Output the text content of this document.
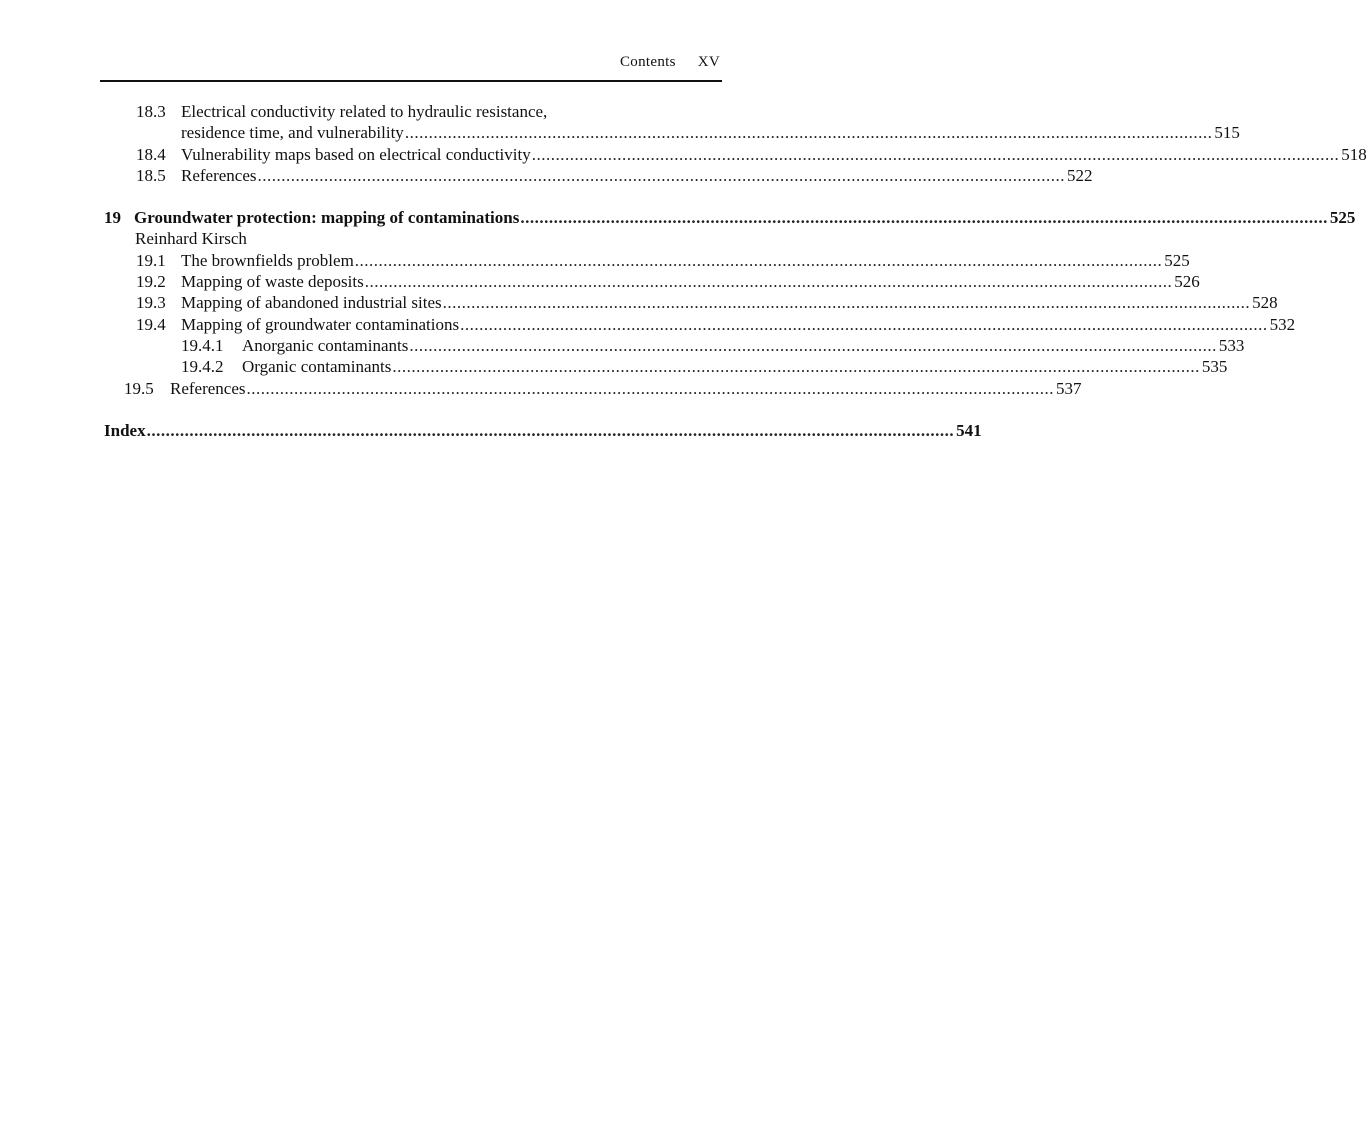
Contents XV
18.3 Electrical conductivity related to hydraulic resistance,
residence time, and vulnerability .......................................................................................................................................................................... 515
18.4 Vulnerability maps based on electrical conductivity .......................................................................................................................................................................... 518
18.5 References .......................................................................................................................................................................... 522
19 Groundwater protection: mapping of contaminations .......................................................................................................................................................................... 525
Reinhard Kirsch
19.1 The brownfields problem .......................................................................................................................................................................... 525
19.2 Mapping of waste deposits .......................................................................................................................................................................... 526
19.3 Mapping of abandoned industrial sites .......................................................................................................................................................................... 528
19.4 Mapping of groundwater contaminations .......................................................................................................................................................................... 532
19.4.1 Anorganic contaminants .......................................................................................................................................................................... 533
19.4.2 Organic contaminants .......................................................................................................................................................................... 535
19.5 References .......................................................................................................................................................................... 537
Index .......................................................................................................................................................................... 541
